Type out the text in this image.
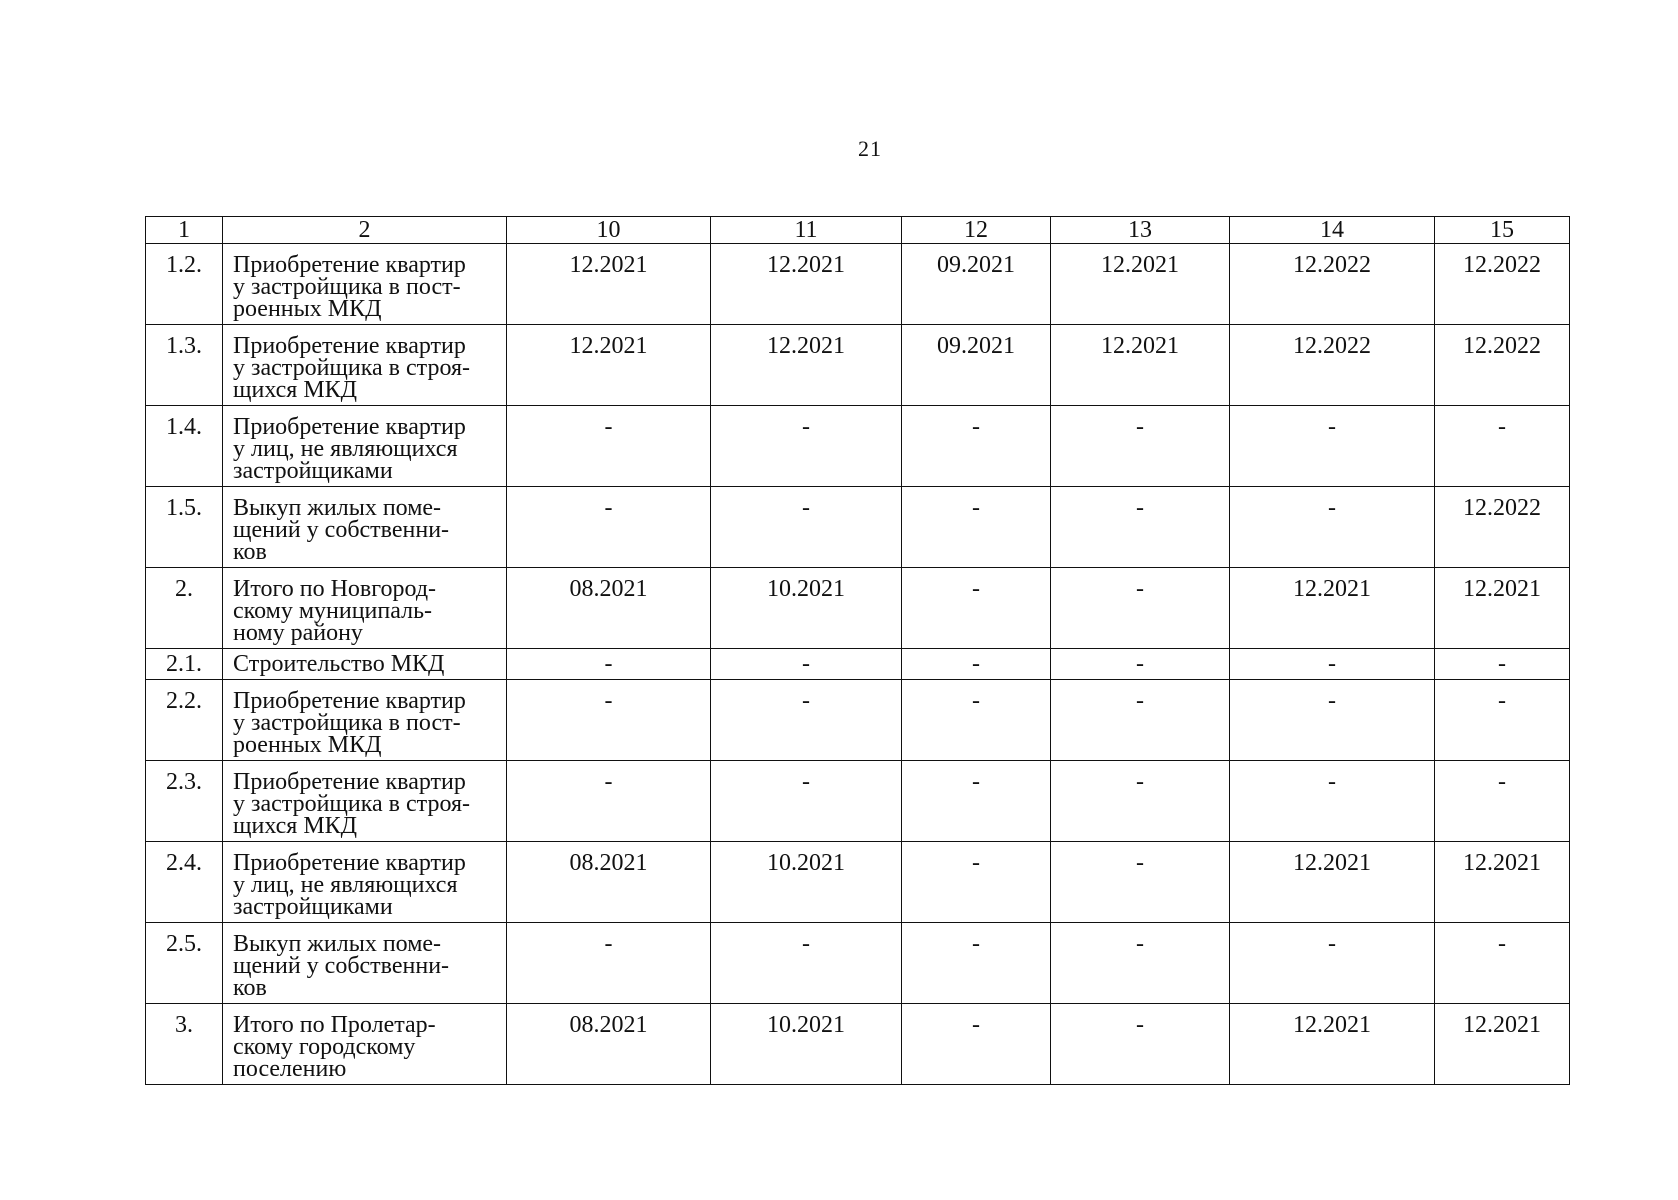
21
1	2	10	11	12	13	14	15
1.2.	Приобретение квартир
у застройщика в пост-
роенных МКД	12.2021	12.2021	09.2021	12.2021	12.2022	12.2022
1.3.	Приобретение квартир
у застройщика в строя-
щихся МКД	12.2021	12.2021	09.2021	12.2021	12.2022	12.2022
1.4.	Приобретение квартир
у лиц, не являющихся
застройщиками	-	-	-	-	-	-
1.5.	Выкуп жилых поме-
щений у собственни-
ков	-	-	-	-	-	12.2022
2.	Итого по Новгород-
скому муниципаль-
ному району	08.2021	10.2021	-	-	12.2021	12.2021
2.1.	Строительство МКД	-	-	-	-	-	-
2.2.	Приобретение квартир
у застройщика в пост-
роенных МКД	-	-	-	-	-	-
2.3.	Приобретение квартир
у застройщика в строя-
щихся МКД	-	-	-	-	-	-
2.4.	Приобретение квартир
у лиц, не являющихся
застройщиками	08.2021	10.2021	-	-	12.2021	12.2021
2.5.	Выкуп жилых поме-
щений у собственни-
ков	-	-	-	-	-	-
3.	Итого по Пролетар-
скому городскому
поселению	08.2021	10.2021	-	-	12.2021	12.2021
